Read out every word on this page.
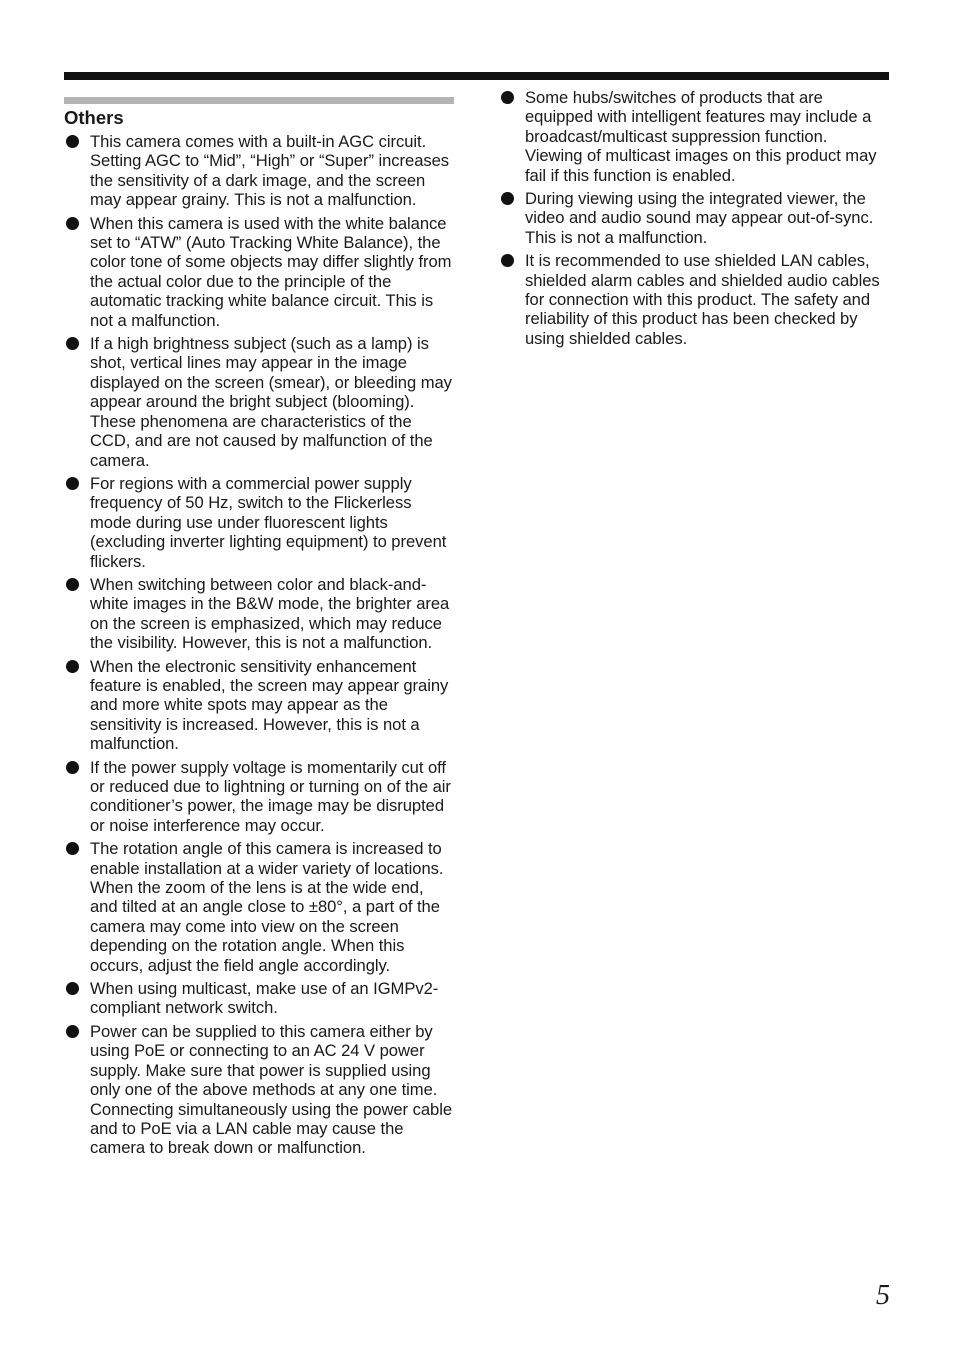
Others
This camera comes with a built-in AGC circuit. Setting AGC to “Mid”, “High” or “Super” increases the sensitivity of a dark image, and the screen may appear grainy. This is not a malfunction.
When this camera is used with the white balance set to “ATW” (Auto Tracking White Balance), the color tone of some objects may differ slightly from the actual color due to the principle of the automatic tracking white balance circuit. This is not a malfunction.
If a high brightness subject (such as a lamp) is shot, vertical lines may appear in the image displayed on the screen (smear), or bleeding may appear around the bright subject (blooming). These phenomena are characteristics of the CCD, and are not caused by malfunction of the camera.
For regions with a commercial power supply frequency of 50 Hz, switch to the Flickerless mode during use under fluorescent lights (excluding inverter lighting equipment) to prevent flickers.
When switching between color and black-and-white images in the B&W mode, the brighter area on the screen is emphasized, which may reduce the visibility. However, this is not a malfunction.
When the electronic sensitivity enhancement feature is enabled, the screen may appear grainy and more white spots may appear as the sensitivity is increased. However, this is not a malfunction.
If the power supply voltage is momentarily cut off or reduced due to lightning or turning on of the air conditioner’s power, the image may be disrupted or noise interference may occur.
The rotation angle of this camera is increased to enable installation at a wider variety of locations. When the zoom of the lens is at the wide end, and tilted at an angle close to ±80°, a part of the camera may come into view on the screen depending on the rotation angle. When this occurs, adjust the field angle accordingly.
When using multicast, make use of an IGMPv2-compliant network switch.
Power can be supplied to this camera either by using PoE or connecting to an AC 24 V power supply. Make sure that power is supplied using only one of the above methods at any one time. Connecting simultaneously using the power cable and to PoE via a LAN cable may cause the camera to break down or malfunction.
Some hubs/switches of products that are equipped with intelligent features may include a broadcast/multicast suppression function. Viewing of multicast images on this product may fail if this function is enabled.
During viewing using the integrated viewer, the video and audio sound may appear out-of-sync. This is not a malfunction.
It is recommended to use shielded LAN cables, shielded alarm cables and shielded audio cables for connection with this product. The safety and reliability of this product has been checked by using shielded cables.
5
